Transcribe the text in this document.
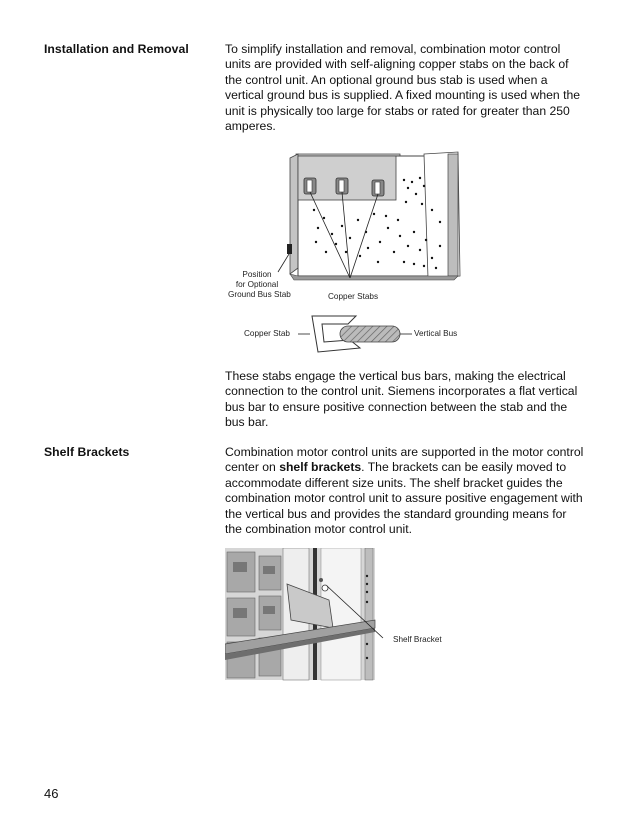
Installation and Removal	To simplify installation and removal, combination motor control units are provided with self-aligning copper stabs on the back of the control unit. An optional ground bus stab is used when a vertical ground bus is supplied. A fixed mounting is used when the unit is physically too large for stabs or rated for greater than 250 amperes.

Position
for Optional
Ground Bus Stab	Copper Stabs
Copper Stab	Vertical Bus

These stabs engage the vertical bus bars, making the electrical connection to the control unit. Siemens incorporates a flat vertical bus bar to ensure positive connection between the stab and the bus bar.

Shelf Brackets	Combination motor control units are supported in the motor control center on shelf brackets. The brackets can be easily moved to accommodate different size units. The shelf bracket guides the combination motor control unit to assure positive engagement with the vertical bus and provides the standard grounding means for the combination motor control unit.

Shelf Bracket
46
